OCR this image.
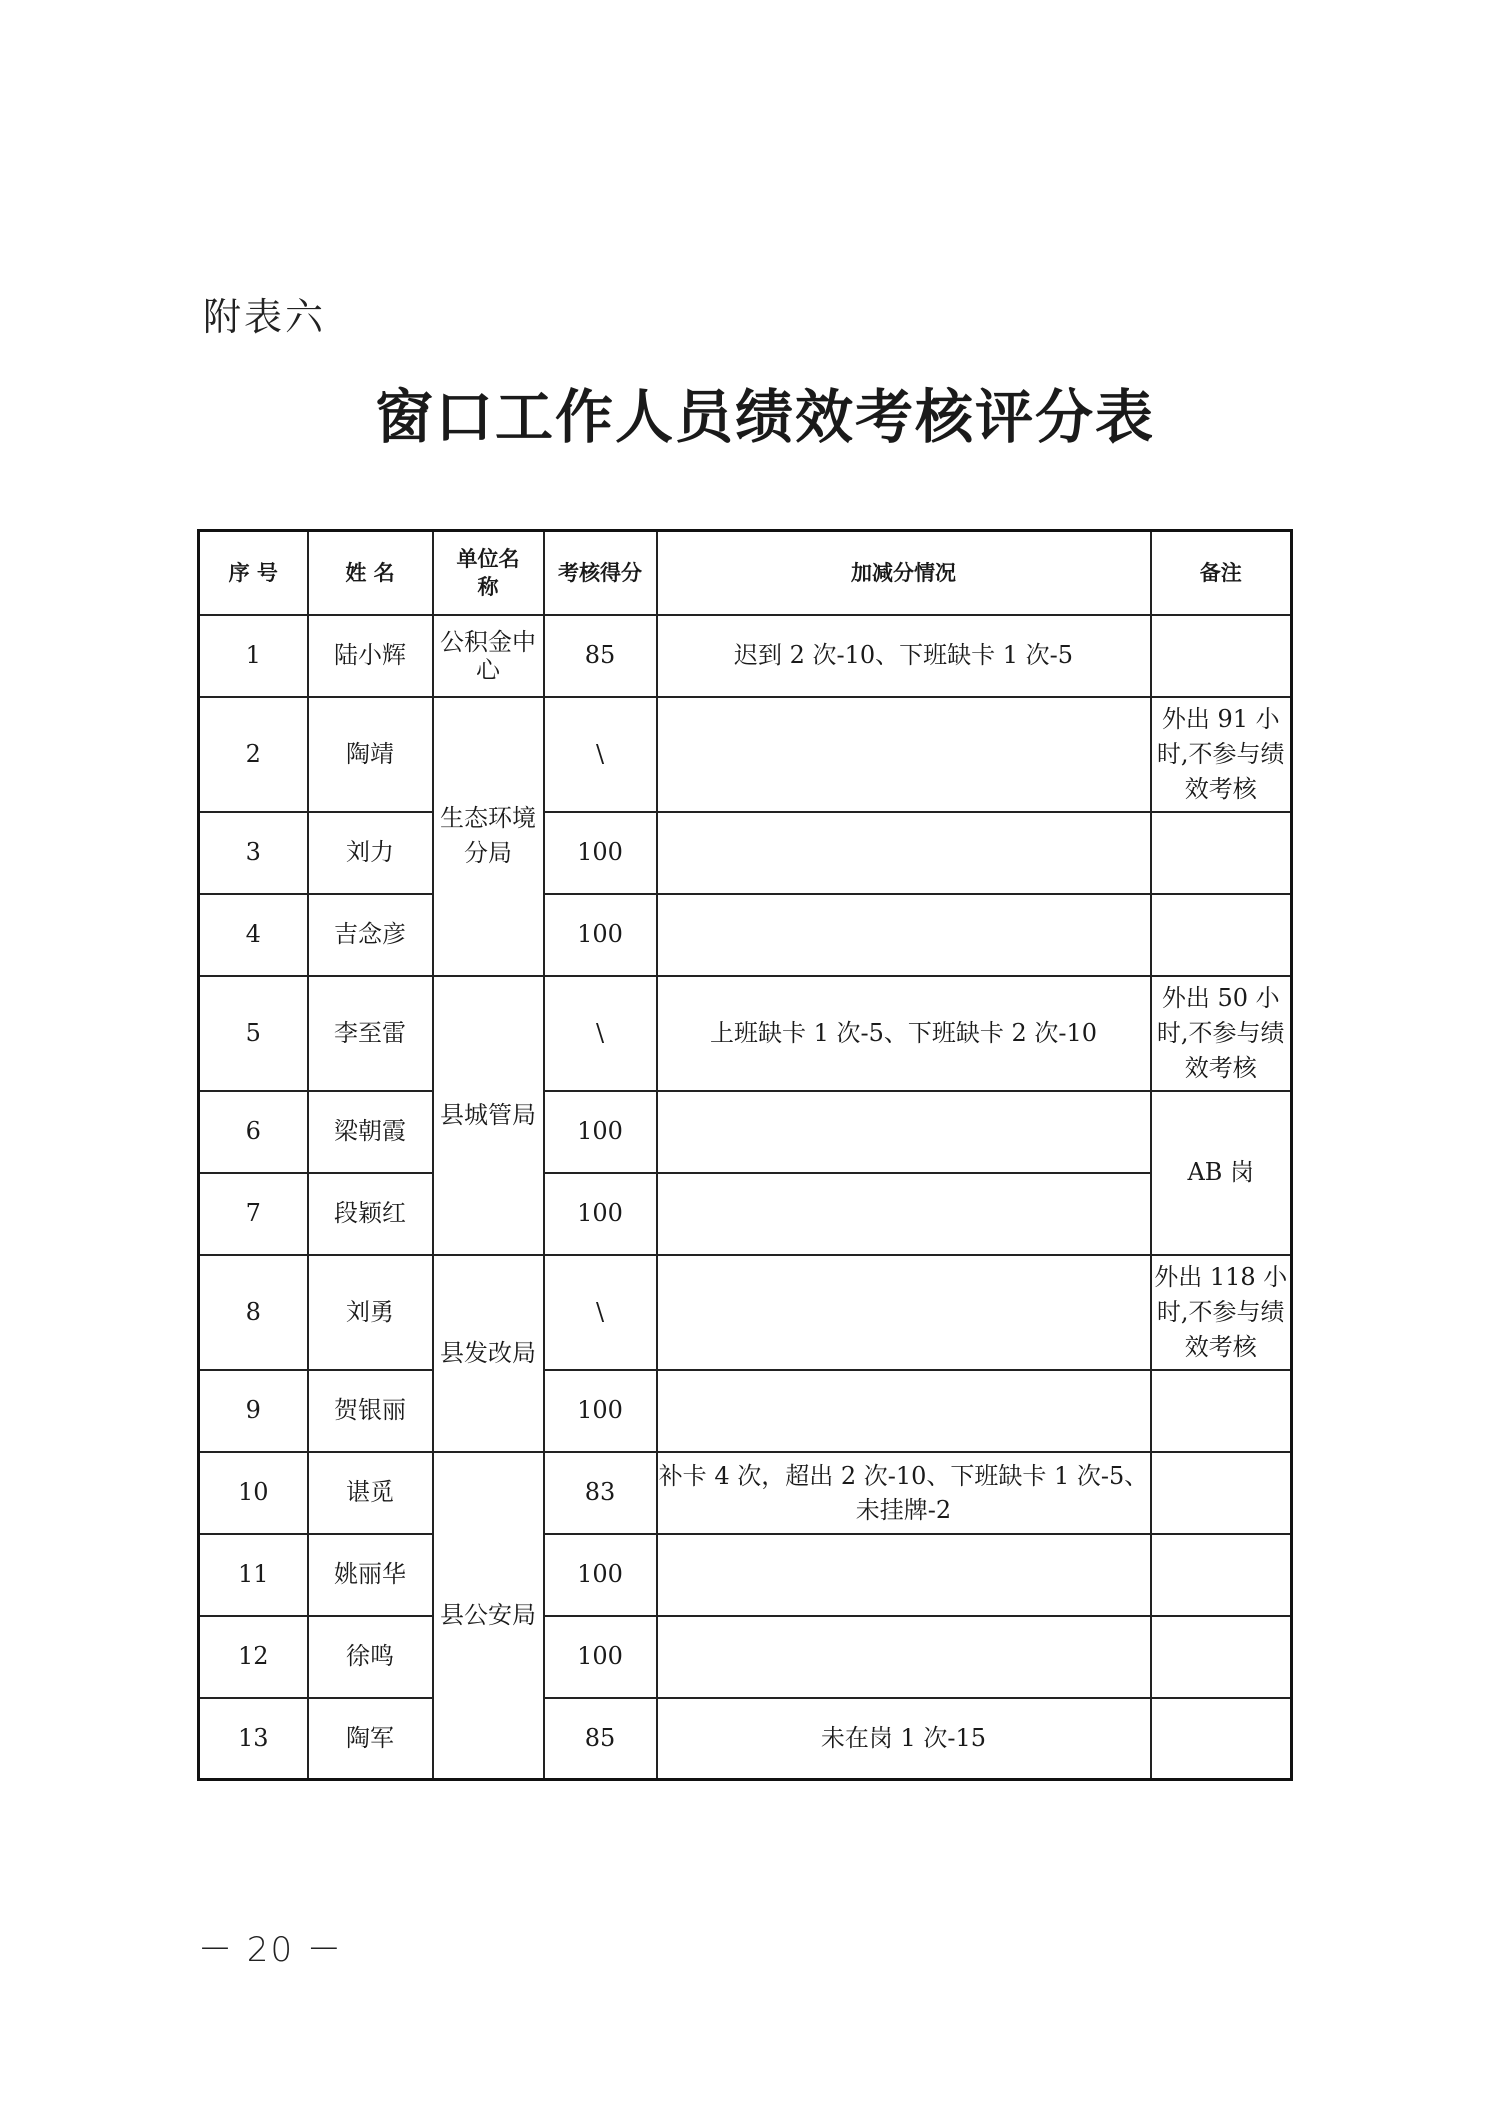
附表六
窗口工作人员绩效考核评分表
序 号	姓 名	单位名称	考核得分	加减分情况	备注
1	陆小辉	公积金中心	85	迟到 2 次-10、下班缺卡 1 次-5	
2	陶靖	生态环境分局	\		外出 91 小时,不参与绩效考核
3	刘力		100		
4	吉念彦		100		
5	李至雷	县城管局	\	上班缺卡 1 次-5、下班缺卡 2 次-10	外出 50 小时,不参与绩效考核
6	梁朝霞		100		AB 岗
7	段颖红		100		
8	刘勇	县发改局	\		外出 118 小时,不参与绩效考核
9	贺银丽		100		
10	谌觅	县公安局	83	补卡 4 次，超出 2 次-10、下班缺卡 1 次-5、未挂牌-2	
11	姚丽华		100		
12	徐鸣		100		
13	陶军		85	未在岗 1 次-15	
－ 20 －
